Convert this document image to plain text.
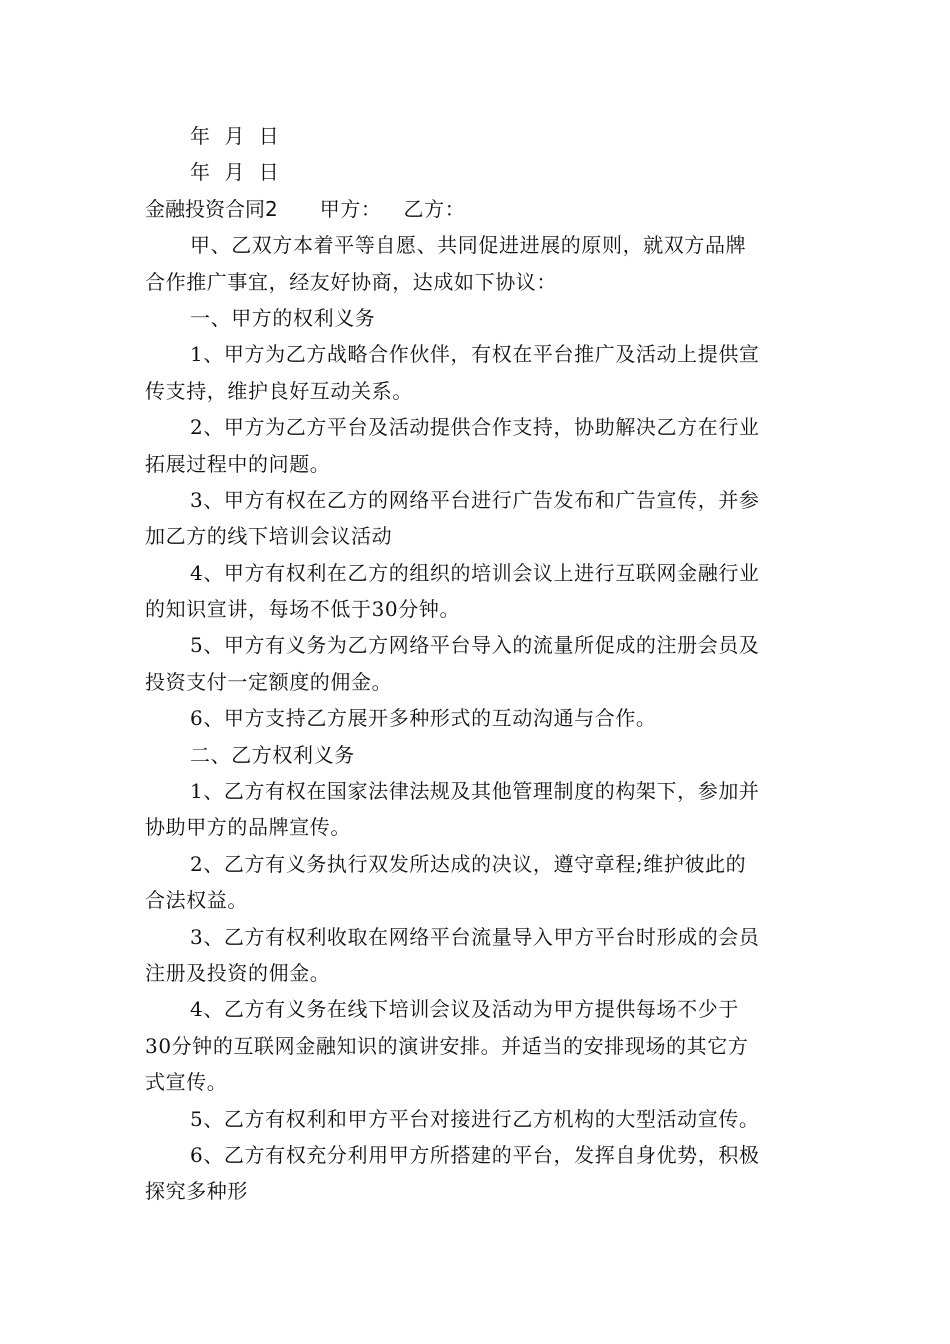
年 月 日
年 月 日
金融投资合同2 甲方： 乙方：
甲、乙双方本着平等自愿、共同促进进展的原则，就双方品牌
合作推广事宜，经友好协商，达成如下协议：
一、甲方的权利义务
1、甲方为乙方战略合作伙伴，有权在平台推广及活动上提供宣
传支持，维护良好互动关系。
2、甲方为乙方平台及活动提供合作支持，协助解决乙方在行业
拓展过程中的问题。
3、甲方有权在乙方的网络平台进行广告发布和广告宣传，并参
加乙方的线下培训会议活动
4、甲方有权利在乙方的组织的培训会议上进行互联网金融行业
的知识宣讲，每场不低于30分钟。
5、甲方有义务为乙方网络平台导入的流量所促成的注册会员及
投资支付一定额度的佣金。
6、甲方支持乙方展开多种形式的互动沟通与合作。
二、乙方权利义务
1、乙方有权在国家法律法规及其他管理制度的构架下，参加并
协助甲方的品牌宣传。
2、乙方有义务执行双发所达成的决议，遵守章程;维护彼此的
合法权益。
3、乙方有权利收取在网络平台流量导入甲方平台时形成的会员
注册及投资的佣金。
4、乙方有义务在线下培训会议及活动为甲方提供每场不少于
30分钟的互联网金融知识的演讲安排。并适当的安排现场的其它方
式宣传。
5、乙方有权利和甲方平台对接进行乙方机构的大型活动宣传。
6、乙方有权充分利用甲方所搭建的平台，发挥自身优势，积极
探究多种形
